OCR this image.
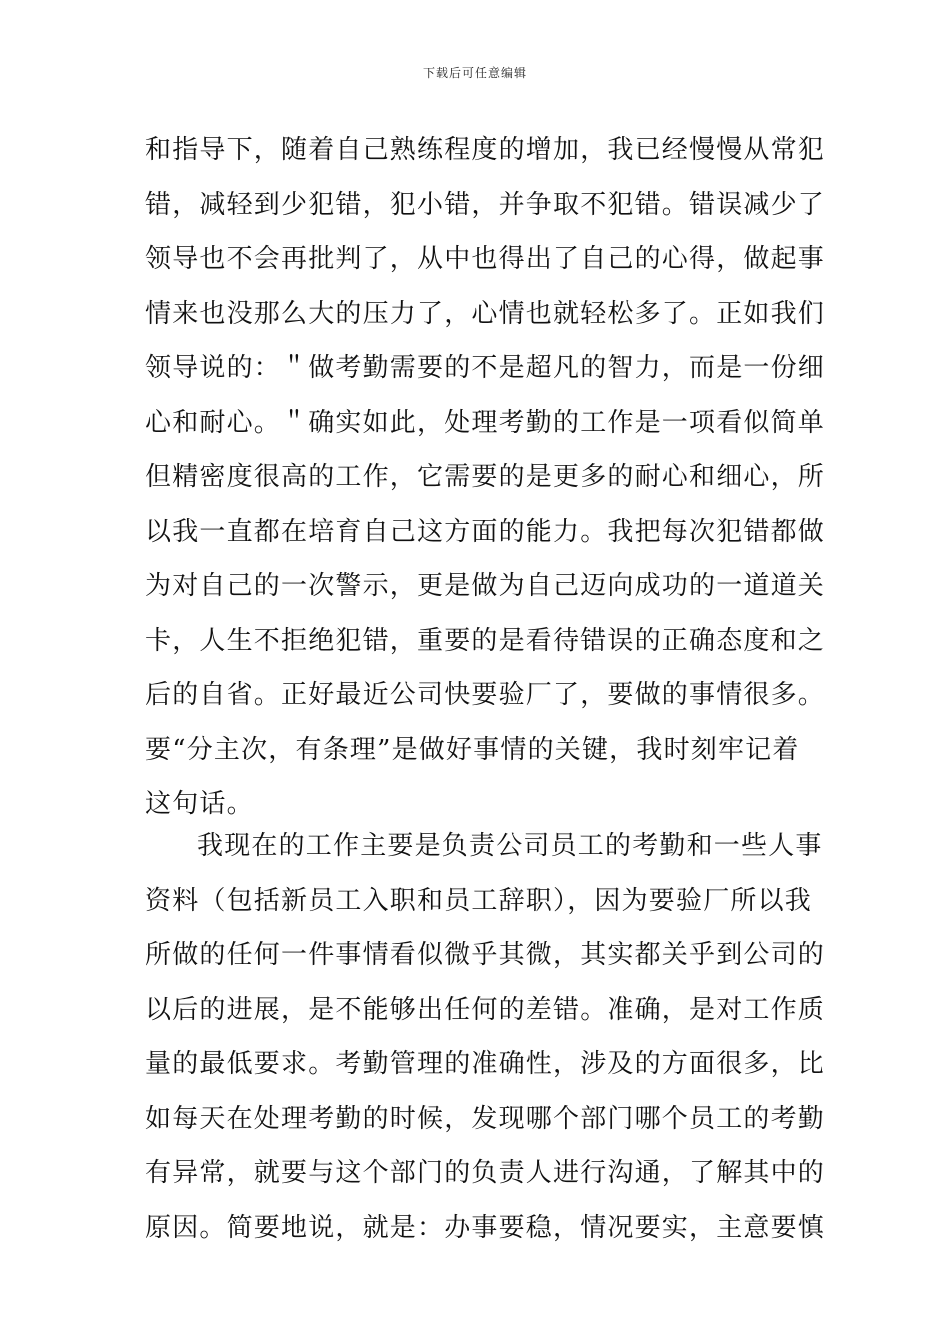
下载后可任意编辑
和指导下，随着自己熟练程度的增加，我已经慢慢从常犯
错，减轻到少犯错，犯小错，并争取不犯错。错误减少了
领导也不会再批判了，从中也得出了自己的心得，做起事
情来也没那么大的压力了，心情也就轻松多了。正如我们
领导说的：＂做考勤需要的不是超凡的智力，而是一份细
心和耐心。＂确实如此，处理考勤的工作是一项看似简单
但精密度很高的工作，它需要的是更多的耐心和细心，所
以我一直都在培育自己这方面的能力。我把每次犯错都做
为对自己的一次警示，更是做为自己迈向成功的一道道关
卡，人生不拒绝犯错，重要的是看待错误的正确态度和之
后的自省。正好最近公司快要验厂了，要做的事情很多。
要“分主次，有条理”是做好事情的关键，我时刻牢记着
这句话。
我现在的工作主要是负责公司员工的考勤和一些人事
资料（包括新员工入职和员工辞职），因为要验厂所以我
所做的任何一件事情看似微乎其微，其实都关乎到公司的
以后的进展，是不能够出任何的差错。准确，是对工作质
量的最低要求。考勤管理的准确性，涉及的方面很多，比
如每天在处理考勤的时候，发现哪个部门哪个员工的考勤
有异常，就要与这个部门的负责人进行沟通，了解其中的
原因。简要地说，就是：办事要稳，情况要实，主意要慎
